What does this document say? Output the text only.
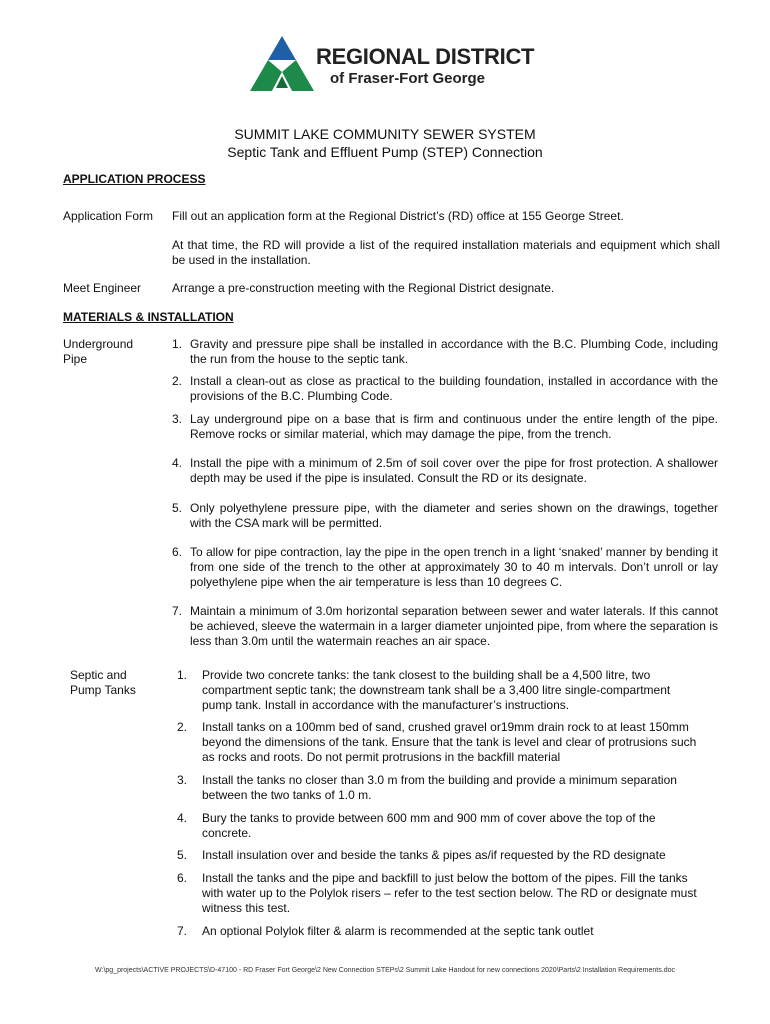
REGIONAL DISTRICT
of Fraser-Fort George
SUMMIT LAKE COMMUNITY SEWER SYSTEM
Septic Tank and Effluent Pump (STEP) Connection
APPLICATION PROCESS
Application Form Fill out an application form at the Regional District’s (RD) office at 155 George Street.
At that time, the RD will provide a list of the required installation materials and equipment which shall be used in the installation.
Meet Engineer	Arrange a pre-construction meeting with the Regional District designate.
MATERIALS & INSTALLATION
Underground
Pipe
1. Gravity and pressure pipe shall be installed in accordance with the B.C. Plumbing Code, including the run from the house to the septic tank.
2. Install a clean-out as close as practical to the building foundation, installed in accordance with the provisions of the B.C. Plumbing Code.
3. Lay underground pipe on a base that is firm and continuous under the entire length of the pipe. Remove rocks or similar material, which may damage the pipe, from the trench.
4. Install the pipe with a minimum of 2.5m of soil cover over the pipe for frost protection. A shallower depth may be used if the pipe is insulated. Consult the RD or its designate.
5. Only polyethylene pressure pipe, with the diameter and series shown on the drawings, together with the CSA mark will be permitted.
6. To allow for pipe contraction, lay the pipe in the open trench in a light ‘snaked’ manner by bending it from one side of the trench to the other at approximately 30 to 40 m intervals. Don’t unroll or lay polyethylene pipe when the air temperature is less than 10 degrees C.
7. Maintain a minimum of 3.0m horizontal separation between sewer and water laterals. If this cannot be achieved, sleeve the watermain in a larger diameter unjointed pipe, from where the separation is less than 3.0m until the watermain reaches an air space.
Septic and
Pump Tanks
1. Provide two concrete tanks: the tank closest to the building shall be a 4,500 litre, two compartment septic tank; the downstream tank shall be a 3,400 litre single-compartment pump tank. Install in accordance with the manufacturer’s instructions.
2. Install tanks on a 100mm bed of sand, crushed gravel or19mm drain rock to at least 150mm beyond the dimensions of the tank. Ensure that the tank is level and clear of protrusions such as rocks and roots. Do not permit protrusions in the backfill material
3. Install the tanks no closer than 3.0 m from the building and provide a minimum separation between the two tanks of 1.0 m.
4. Bury the tanks to provide between 600 mm and 900 mm of cover above the top of the concrete.
5. Install insulation over and beside the tanks & pipes as/if requested by the RD designate
6. Install the tanks and the pipe and backfill to just below the bottom of the pipes. Fill the tanks with water up to the Polylok risers – refer to the test section below. The RD or designate must witness this test.
7. An optional Polylok filter & alarm is recommended at the septic tank outlet
W:\pg_projects\ACTIVE PROJECTS\D-47100 - RD Fraser Fort George\2 New Connection STEPs\2 Summit Lake Handout for new connections 2020\Parts\2 Installation Requirements.doc
